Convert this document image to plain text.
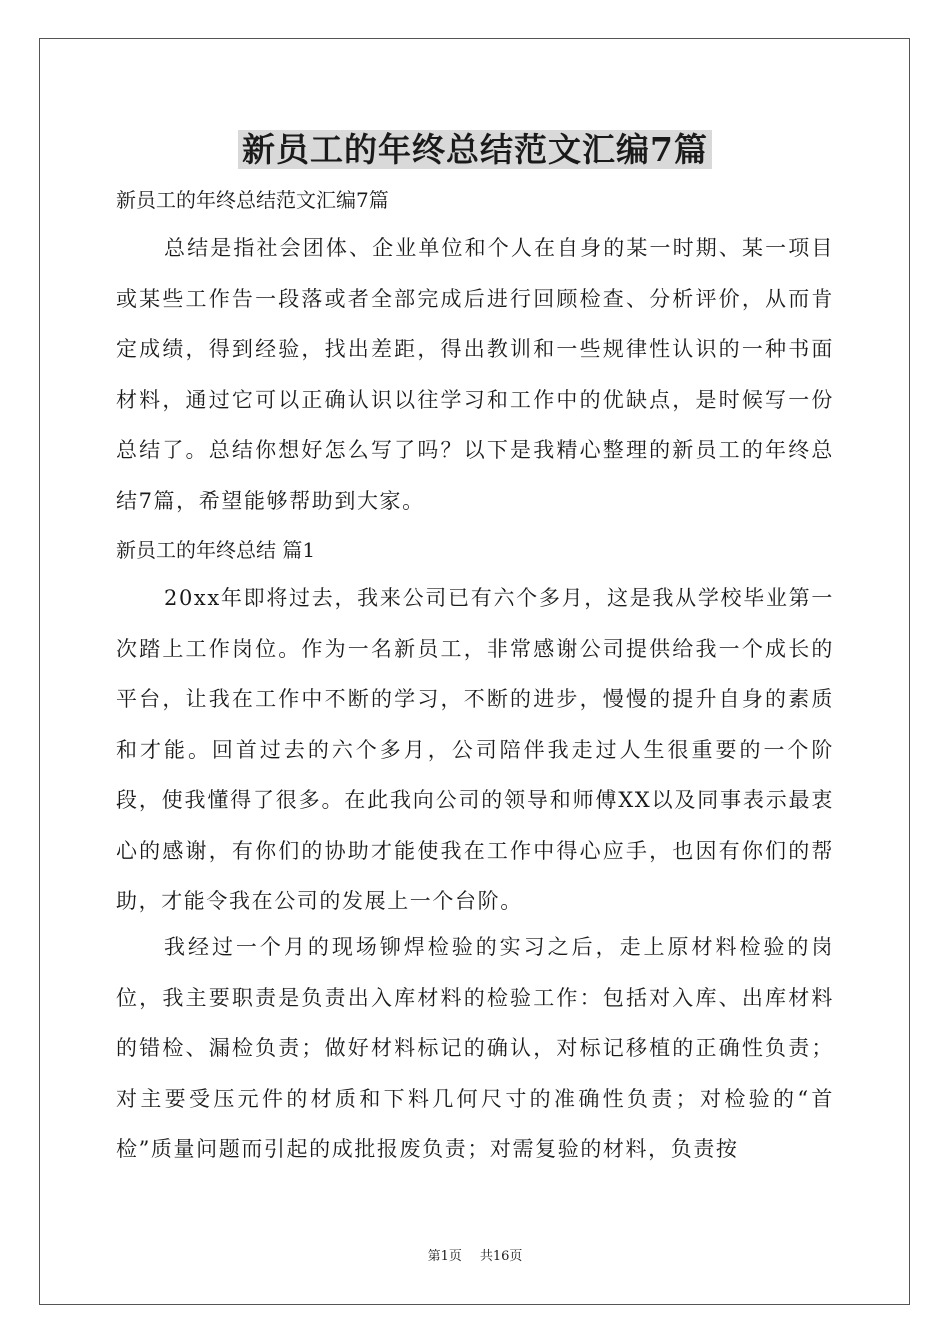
新员工的年终总结范文汇编7篇
新员工的年终总结范文汇编7篇

总结是指社会团体、企业单位和个人在自身的某一时期、某一项目或某些工作告一段落或者全部完成后进行回顾检查、分析评价，从而肯定成绩，得到经验，找出差距，得出教训和一些规律性认识的一种书面材料，通过它可以正确认识以往学习和工作中的优缺点，是时候写一份总结了。总结你想好怎么写了吗？以下是我精心整理的新员工的年终总结7篇，希望能够帮助到大家。

新员工的年终总结 篇1

20xx年即将过去，我来公司已有六个多月，这是我从学校毕业第一次踏上工作岗位。作为一名新员工，非常感谢公司提供给我一个成长的平台，让我在工作中不断的学习，不断的进步，慢慢的提升自身的素质和才能。回首过去的六个多月，公司陪伴我走过人生很重要的一个阶段，使我懂得了很多。在此我向公司的领导和师傅XX以及同事表示最衷心的感谢，有你们的协助才能使我在工作中得心应手，也因有你们的帮助，才能令我在公司的发展上一个台阶。

我经过一个月的现场铆焊检验的实习之后，走上原材料检验的岗位，我主要职责是负责出入库材料的检验工作：包括对入库、出库材料的错检、漏检负责；做好材料标记的确认，对标记移植的正确性负责；对主要受压元件的材质和下料几何尺寸的准确性负责；对检验的“首检”质量问题而引起的成批报废负责；对需复验的材料，负责按

第1页 共16页
